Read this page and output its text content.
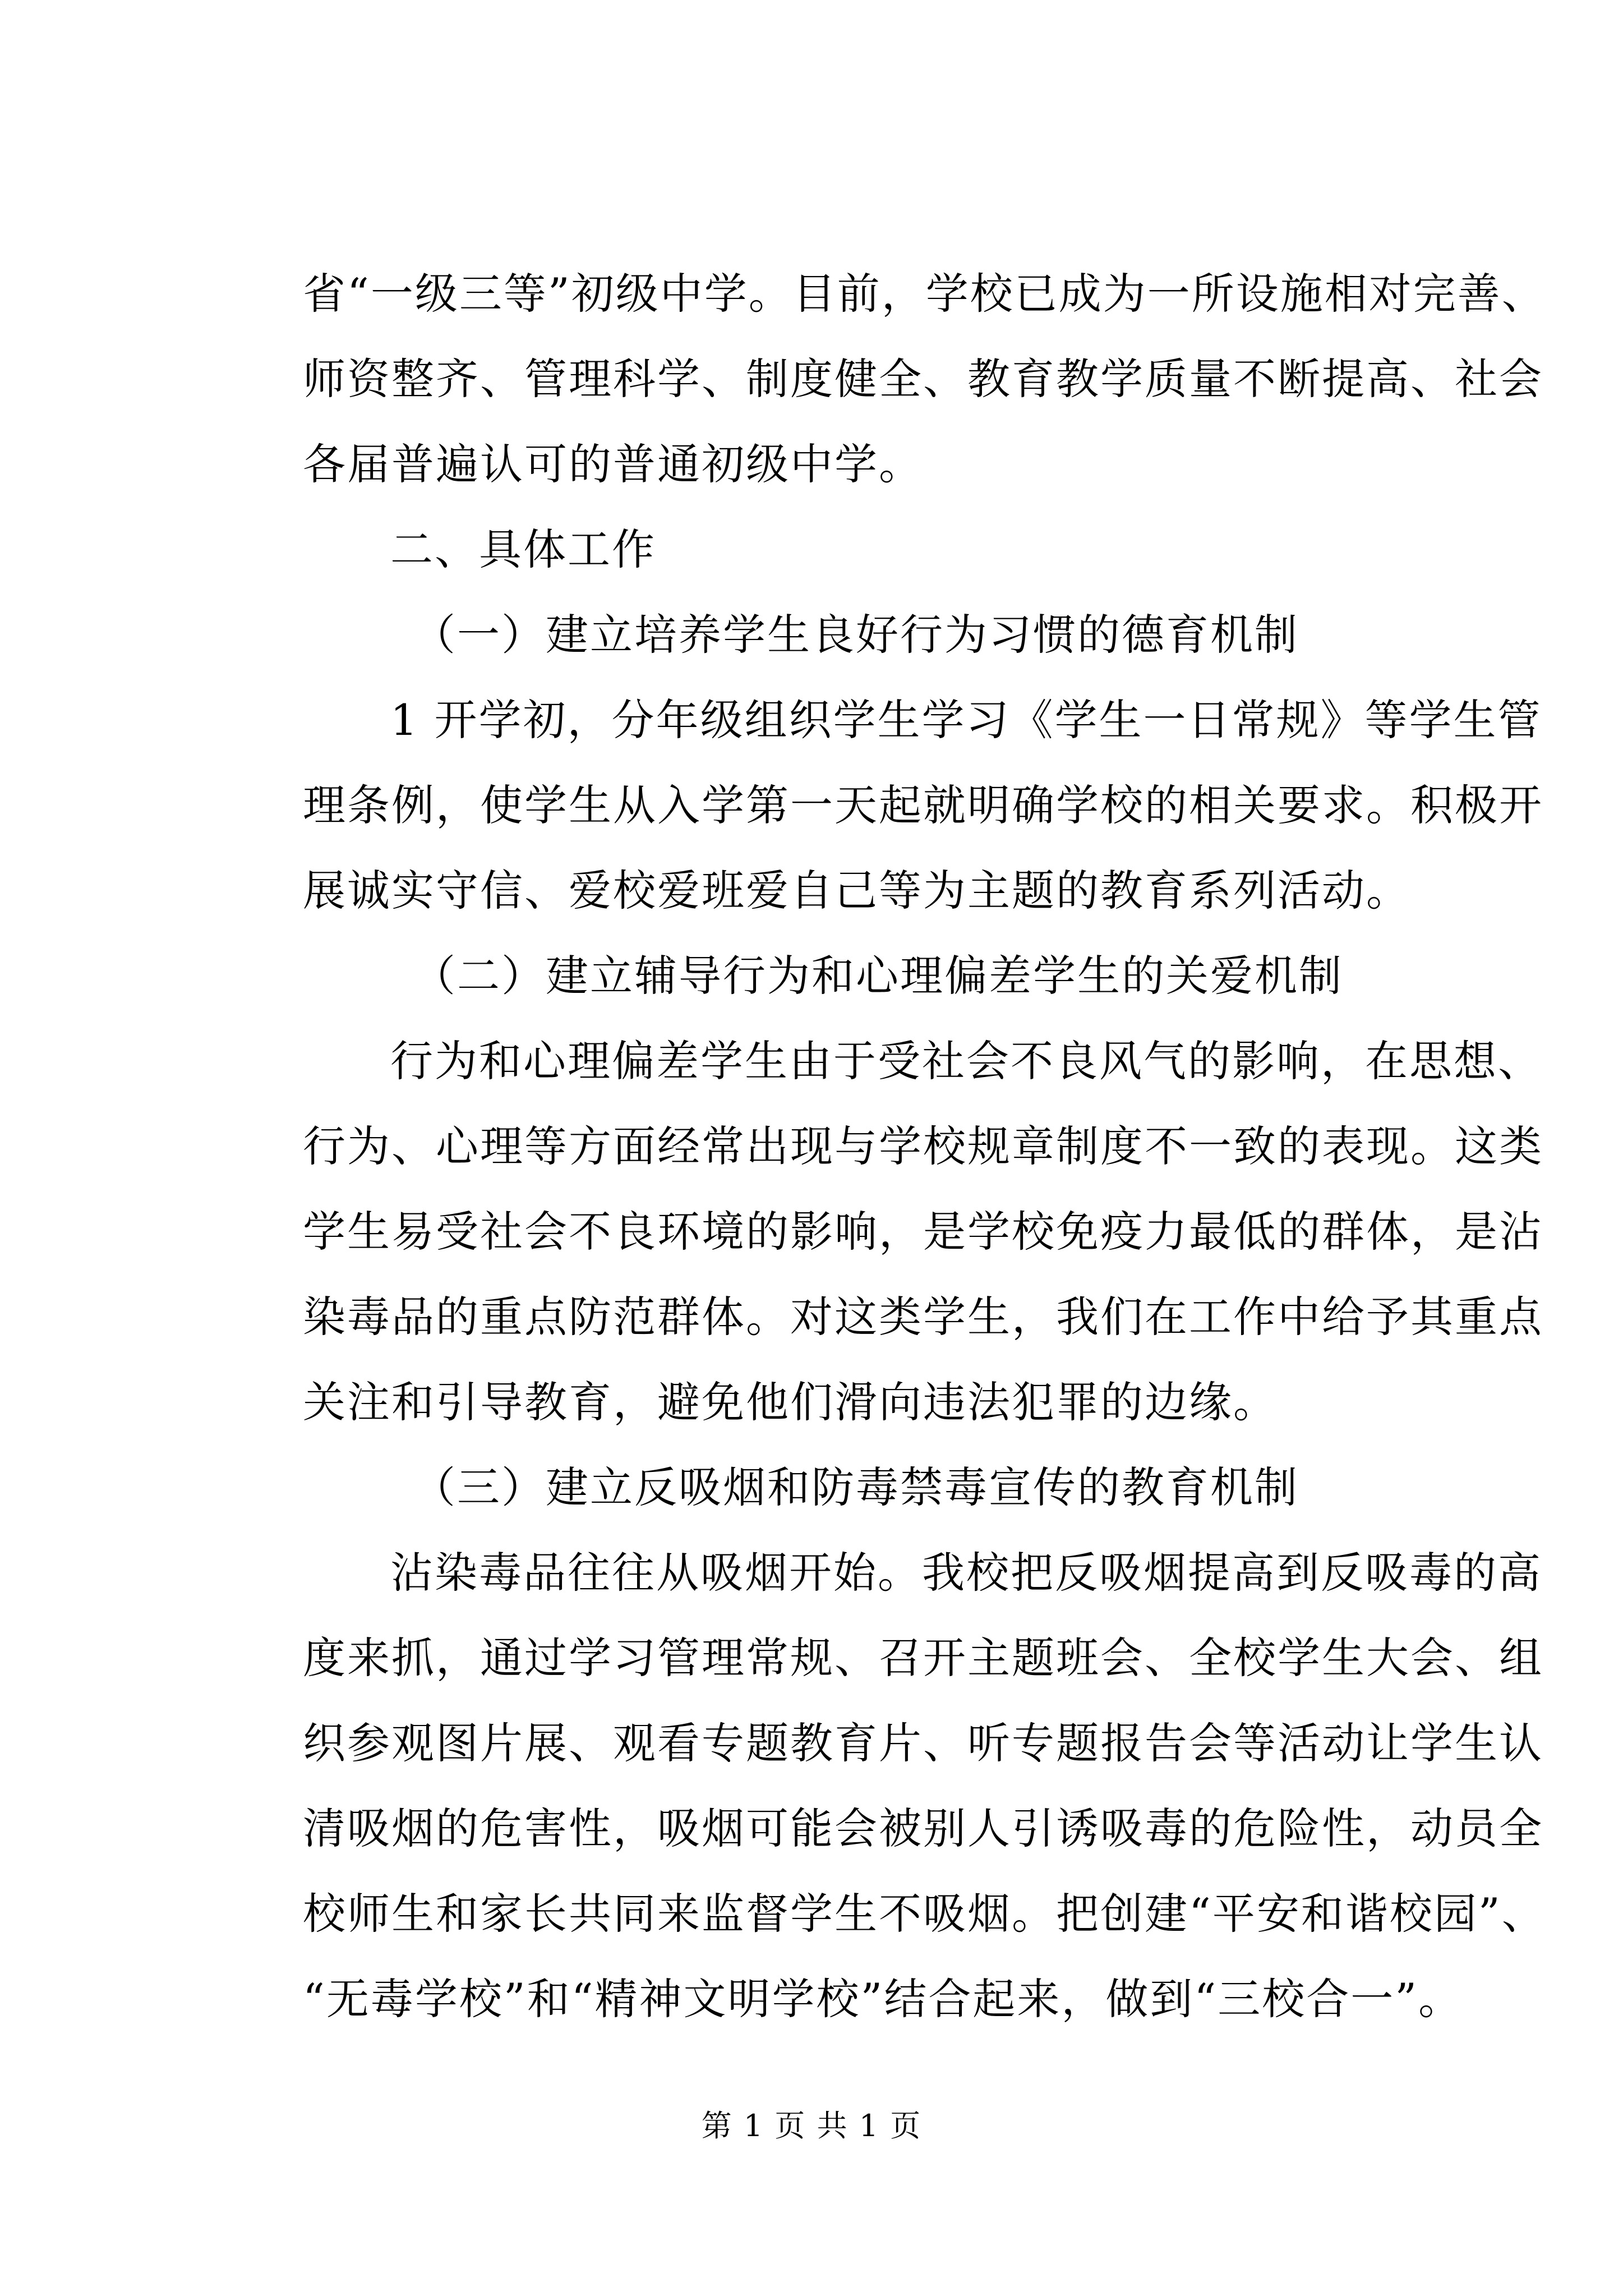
省“一级三等”初级中学。目前，学校已成为一所设施相对完善、

师资整齐、管理科学、制度健全、教育教学质量不断提高、社会

各届普遍认可的普通初级中学。

二、具体工作

（一）建立培养学生良好行为习惯的德育机制

1 开学初，分年级组织学生学习《学生一日常规》等学生管

理条例，使学生从入学第一天起就明确学校的相关要求。积极开

展诚实守信、爱校爱班爱自己等为主题的教育系列活动。

（二）建立辅导行为和心理偏差学生的关爱机制

行为和心理偏差学生由于受社会不良风气的影响，在思想、

行为、心理等方面经常出现与学校规章制度不一致的表现。这类

学生易受社会不良环境的影响，是学校免疫力最低的群体，是沾

染毒品的重点防范群体。对这类学生，我们在工作中给予其重点

关注和引导教育，避免他们滑向违法犯罪的边缘。

（三）建立反吸烟和防毒禁毒宣传的教育机制

沾染毒品往往从吸烟开始。我校把反吸烟提高到反吸毒的高

度来抓，通过学习管理常规、召开主题班会、全校学生大会、组

织参观图片展、观看专题教育片、听专题报告会等活动让学生认

清吸烟的危害性，吸烟可能会被别人引诱吸毒的危险性，动员全

校师生和家长共同来监督学生不吸烟。把创建“平安和谐校园”、

“无毒学校”和“精神文明学校”结合起来，做到“三校合一”。

第 1 页 共 1 页
